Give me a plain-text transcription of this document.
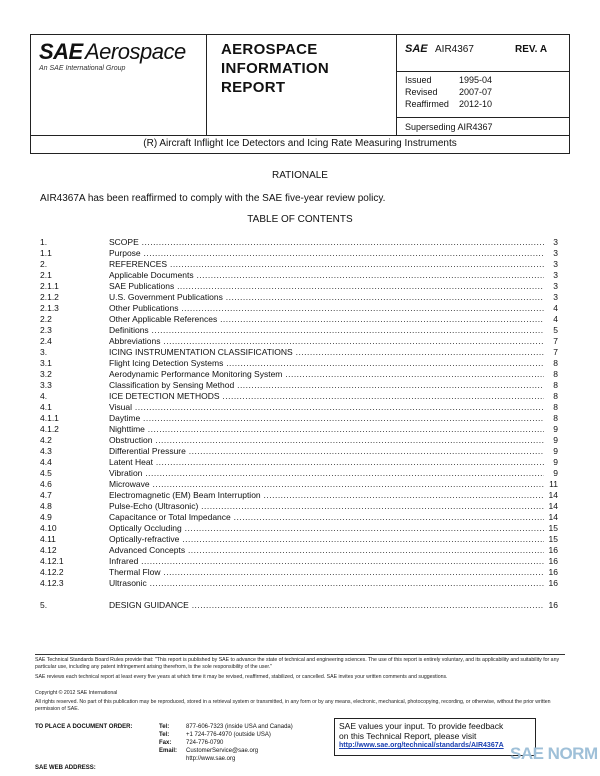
SAE Aerospace
An SAE International Group
AEROSPACE
INFORMATION
REPORT
SAE AIR4367	REV. A
Issued	1995-04
Revised 2007-07
Reaffirmed 2012-10
Superseding AIR4367
(R) Aircraft Inflight Ice Detectors and Icing Rate Measuring Instruments
RATIONALE
AIR4367A has been reaffirmed to comply with the SAE five-year review policy.
TABLE OF CONTENTS
1.	SCOPE .....	3
1.1	Purpose .....	3
2.	REFERENCES .....	3
2.1	Applicable Documents .....	3
2.1.1	SAE Publications .....	3
2.1.2	U.S. Government Publications .....	3
2.1.3	Other Publications .....	4
2.2	Other Applicable References .....	4
2.3	Definitions .....	5
2.4	Abbreviations .....	7
3.	ICING INSTRUMENTATION CLASSIFICATIONS .....	7
3.1	Flight Icing Detection Systems .....	8
3.2	Aerodynamic Performance Monitoring System .....	8
3.3	Classification by Sensing Method .....	8
4.	ICE DETECTION METHODS .....	8
4.1	Visual .....	8
4.1.1	Daytime .....	8
4.1.2	Nighttime .....	9
4.2	Obstruction .....	9
4.3	Differential Pressure .....	9
4.4	Latent Heat .....	9
4.5	Vibration .....	9
4.6	Microwave .....	11
4.7	Electromagnetic (EM) Beam Interruption .....	14
4.8	Pulse-Echo (Ultrasonic) .....	14
4.9	Capacitance or Total Impedance .....	14
4.10	Optically Occluding .....	15
4.11	Optically-refractive .....	15
4.12	Advanced Concepts .....	16
4.12.1	Infrared .....	16
4.12.2	Thermal Flow .....	16
4.12.3	Ultrasonic .....	16
5.	DESIGN GUIDANCE .....	16
SAE Technical Standards Board Rules provide that: "This report is published by SAE to advance the state of technical and engineering sciences. The use of this report is entirely voluntary, and its applicability and suitability for any particular use, including any patent infringement arising therefrom, is the sole responsibility of the user."
SAE reviews each technical report at least every five years at which time it may be revised, reaffirmed, stabilized, or cancelled. SAE invites your written comments and suggestions.
Copyright © 2012 SAE International
All rights reserved. No part of this publication may be reproduced, stored in a retrieval system or transmitted, in any form or by any means, electronic, mechanical, photocopying, recording, or otherwise, without the prior written permission of SAE.
TO PLACE A DOCUMENT ORDER:	Tel:	877-606-7323 (inside USA and Canada)
Tel:	+1 724-776-4970 (outside USA)
Fax: 724-776-0790
Email: CustomerService@sae.org
http://www.sae.org
SAE WEB ADDRESS:
SAE values your input. To provide feedback
on this Technical Report, please visit
http://www.sae.org/technical/standards/AIR4367A SAE NORM
